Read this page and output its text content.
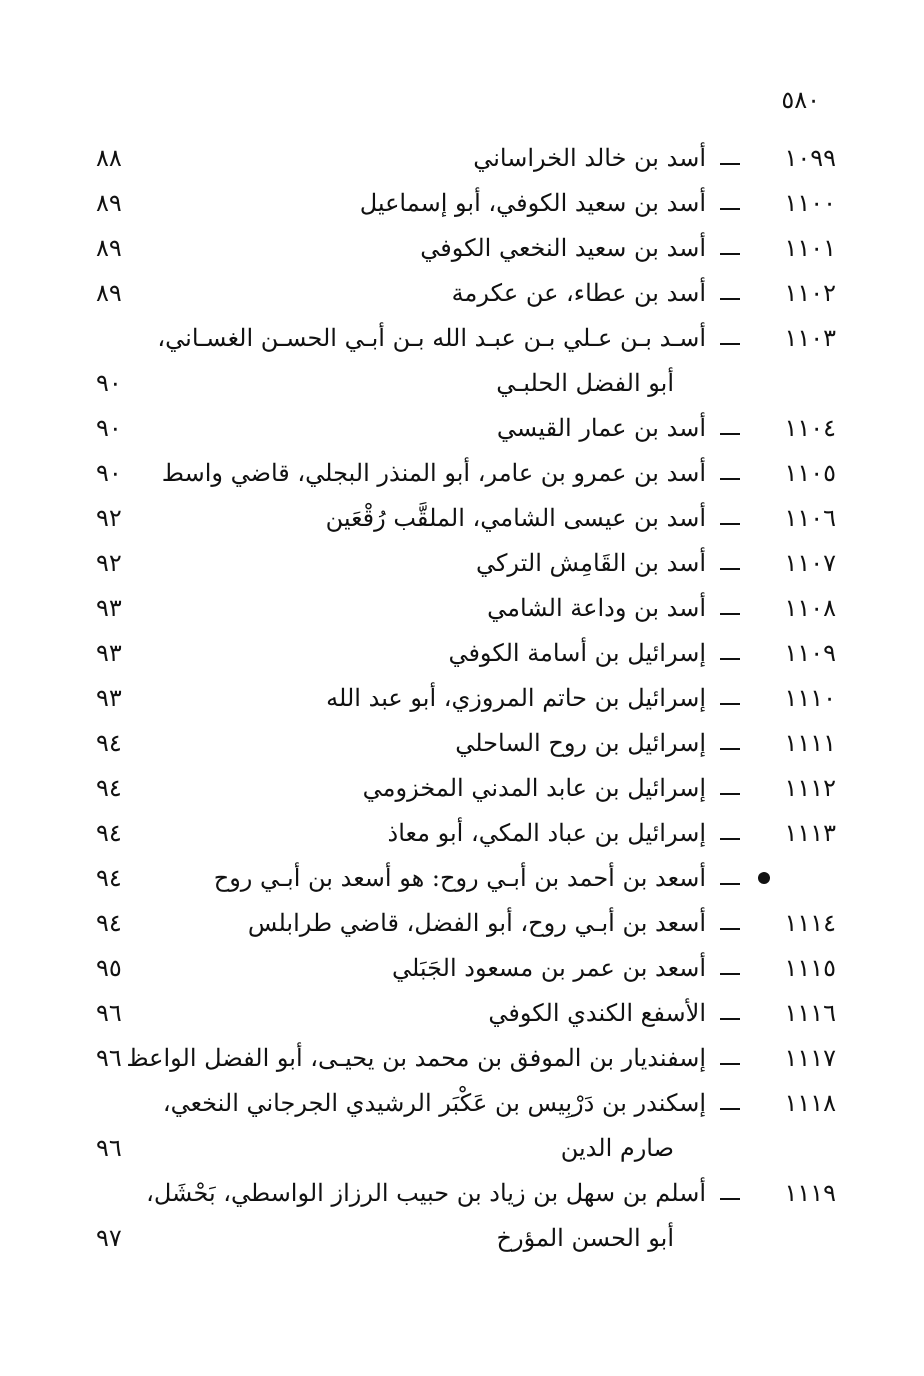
٥٨٠
١٠٩٩
أسد بن خالد الخراساني
٨٨
١١٠٠
أسد بن سعيد الكوفي، أبو إسماعيل
٨٩
١١٠١
أسد بن سعيد النخعي الكوفي
٨٩
١١٠٢
أسد بن عطاء، عن عكرمة
٨٩
١١٠٣
أسـد بـن عـلي بـن عبـد الله بـن أبـي الحسـن الغسـاني،
أبو الفضل الحلبـي
٩٠
١١٠٤
أسد بن عمار القيسي
٩٠
١١٠٥
أسد بن عمرو بن عامر، أبو المنذر البجلي، قاضي واسط
٩٠
١١٠٦
أسد بن عيسى الشامي، الملقَّب رُقْعَين
٩٢
١١٠٧
أسد بن القَامِش التركي
٩٢
١١٠٨
أسد بن وداعة الشامي
٩٣
١١٠٩
إسرائيل بن أسامة الكوفي
٩٣
١١١٠
إسرائيل بن حاتم المروزي، أبو عبد الله
٩٣
١١١١
إسرائيل بن روح الساحلي
٩٤
١١١٢
إسرائيل بن عابد المدني المخزومي
٩٤
١١١٣
إسرائيل بن عباد المكي، أبو معاذ
٩٤
أسعد بن أحمد بن أبـي روح: هو أسعد بن أبـي روح
٩٤
١١١٤
أسعد بن أبـي روح، أبو الفضل، قاضي طرابلس
٩٤
١١١٥
أسعد بن عمر بن مسعود الجَبَلي
٩٥
١١١٦
الأسفع الكندي الكوفي
٩٦
١١١٧
إسفنديار بن الموفق بن محمد بن يحيـى، أبو الفضل الواعظ
٩٦
١١١٨
إسكندر بن دَرْبِيس بن عَكْبَر الرشيدي الجرجاني النخعي،
صارم الدين
٩٦
١١١٩
أسلم بن سهل بن زياد بن حبيب الرزاز الواسطي، بَحْشَل،
أبو الحسن المؤرخ
٩٧
